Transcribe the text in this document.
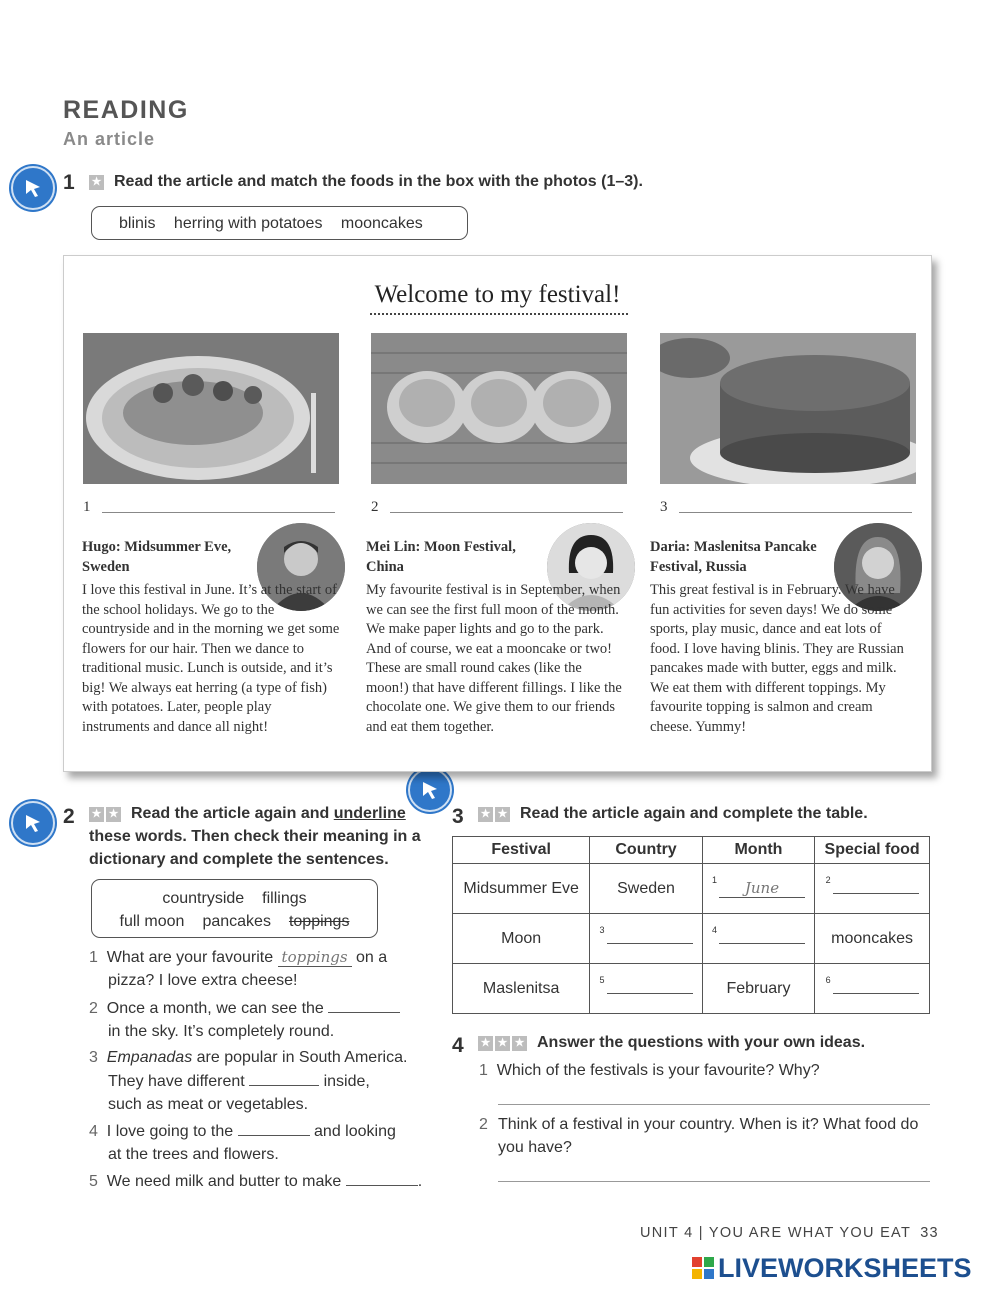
READING
An article
1 ★ Read the article and match the foods in the box with the photos (1–3).
blinis herring with potatoes mooncakes
Welcome to my festival!
1	2	3
Hugo: Midsummer Eve, Sweden
I love this festival in June. It’s at the start of the school holidays. We go to the countryside and in the morning we get some flowers for our hair. Then we dance to traditional music. Lunch is outside, and it’s big! We always eat herring (a type of fish) with potatoes. Later, people play instruments and dance all night!
Mei Lin: Moon Festival, China
My favourite festival is in September, when we can see the first full moon of the month. We make paper lights and go to the park. And of course, we eat a mooncake or two! These are small round cakes (like the moon!) that have different fillings. I like the chocolate one. We give them to our friends and eat them together.
Daria: Maslenitsa Pancake Festival, Russia
This great festival is in February. We have fun activities for seven days! We do some sports, play music, dance and eat lots of food. I love having blinis. They are Russian pancakes made with butter, eggs and milk. We eat them with different toppings. My favourite topping is salmon and cream cheese. Yummy!
2 ★ ★ Read the article again and underline these words. Then check their meaning in a dictionary and complete the sentences.
countryside fillings
full moon pancakes toppings
1 What are your favourite toppings on a
pizza? I love extra cheese!
2 Once a month, we can see the
in the sky. It’s completely round.
3 Empanadas are popular in South America.
They have different	inside,
such as meat or vegetables.
4 I love going to the	and looking
at the trees and flowers.
5 We need milk and butter to make	.
3 ★ ★ Read the article again and complete the table.
Festival	Country	Month	Special food
Midsummer Eve	Sweden	$^1$ June	$^2$
Moon	$^3$	$^4$	mooncakes
Maslenitsa	$^5$	February	$^6$
4 ★ ★ ★ Answer the questions with your own ideas.
1 Which of the festivals is your favourite? Why?
2 Think of a festival in your country. When is it? What food do you have?
UNIT 4 | YOU ARE WHAT YOU EAT 33
LIVEWORKSHEETS
